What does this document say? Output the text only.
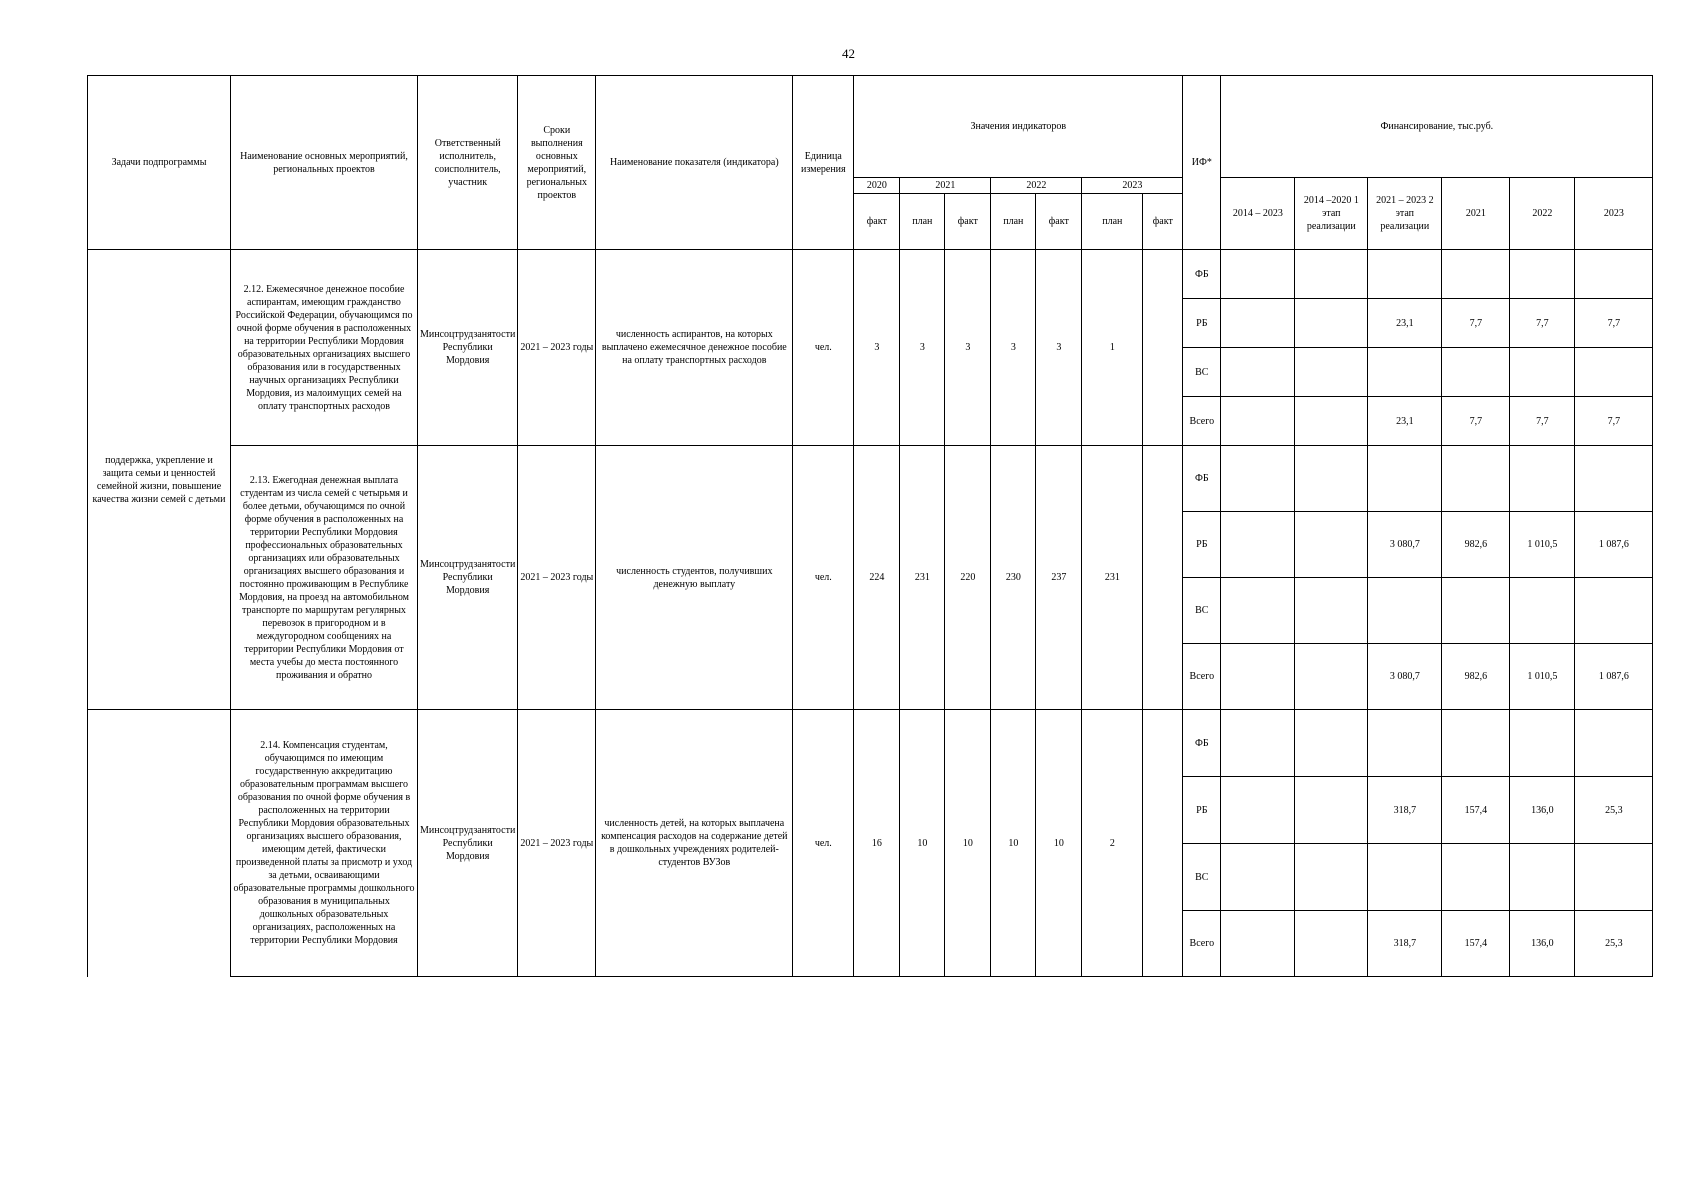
42
Задачи подпрограммы	Наименование основных мероприятий, региональных проектов	Ответственный исполнитель, соисполнитель, участник	Сроки выполнения основных мероприятий, региональных проектов	Наименование показателя (индикатора)	Единица измерения	Значения индикаторов							ИФ*	Финансирование, тыс.руб.					
						2020	2021		2022		2023			2014 – 2023	2014 –2020 1 этап реализации	2021 – 2023 2 этап реализации	2021	2022	2023
						факт	план	факт	план	факт	план	факт							
поддержка, укрепление и защита семьи и ценностей семейной жизни, повышение качества жизни семей с детьми	2.12. Ежемесячное денежное пособие аспирантам, имеющим гражданство Российской Федерации, обучающимся по очной форме обучения в расположенных на территории Республики Мордовия образовательных организациях высшего образования или в государственных научных организациях Республики Мордовия, из малоимущих семей на оплату транспортных расходов	Минсоцтрудзанятости Республики Мордовия	2021 – 2023 годы	численность аспирантов, на которых выплачено ежемесячное денежное пособие на оплату транспортных расходов	чел.	3	3	3	3	3	1		ФБ						
													РБ			23,1	7,7	7,7	7,7
													ВС						
													Всего			23,1	7,7	7,7	7,7
	2.13. Ежегодная денежная выплата студентам из числа семей с четырьмя и более детьми, обучающимся по очной форме обучения в расположенных на территории Республики Мордовия профессиональных образовательных организациях или образовательных организациях высшего образования и постоянно проживающим в Республике Мордовия, на проезд на автомобильном транспорте по маршрутам регулярных перевозок в пригородном и в междугородном сообщениях на территории Республики Мордовия от места учебы до места постоянного проживания и обратно	Минсоцтрудзанятости Республики Мордовия	2021 – 2023 годы	численность студентов, получивших денежную выплату	чел.	224	231	220	230	237	231		ФБ						
													РБ			3 080,7	982,6	1 010,5	1 087,6
													ВС						
													Всего			3 080,7	982,6	1 010,5	1 087,6
	2.14. Компенсация студентам, обучающимся по имеющим государственную аккредитацию образовательным программам высшего образования по очной форме обучения в расположенных на территории Республики Мордовия образовательных организациях высшего образования, имеющим детей, фактически произведенной платы за присмотр и уход за детьми, осваивающими образовательные программы дошкольного образования в муниципальных дошкольных образовательных организациях, расположенных на территории Республики Мордовия	Минсоцтрудзанятости Республики Мордовия	2021 – 2023 годы	численность детей, на которых выплачена компенсация расходов на содержание детей в дошкольных учреждениях родителей-студентов ВУЗов	чел.	16	10	10	10	10	2		ФБ						
													РБ			318,7	157,4	136,0	25,3
													ВС						
													Всего			318,7	157,4	136,0	25,3
